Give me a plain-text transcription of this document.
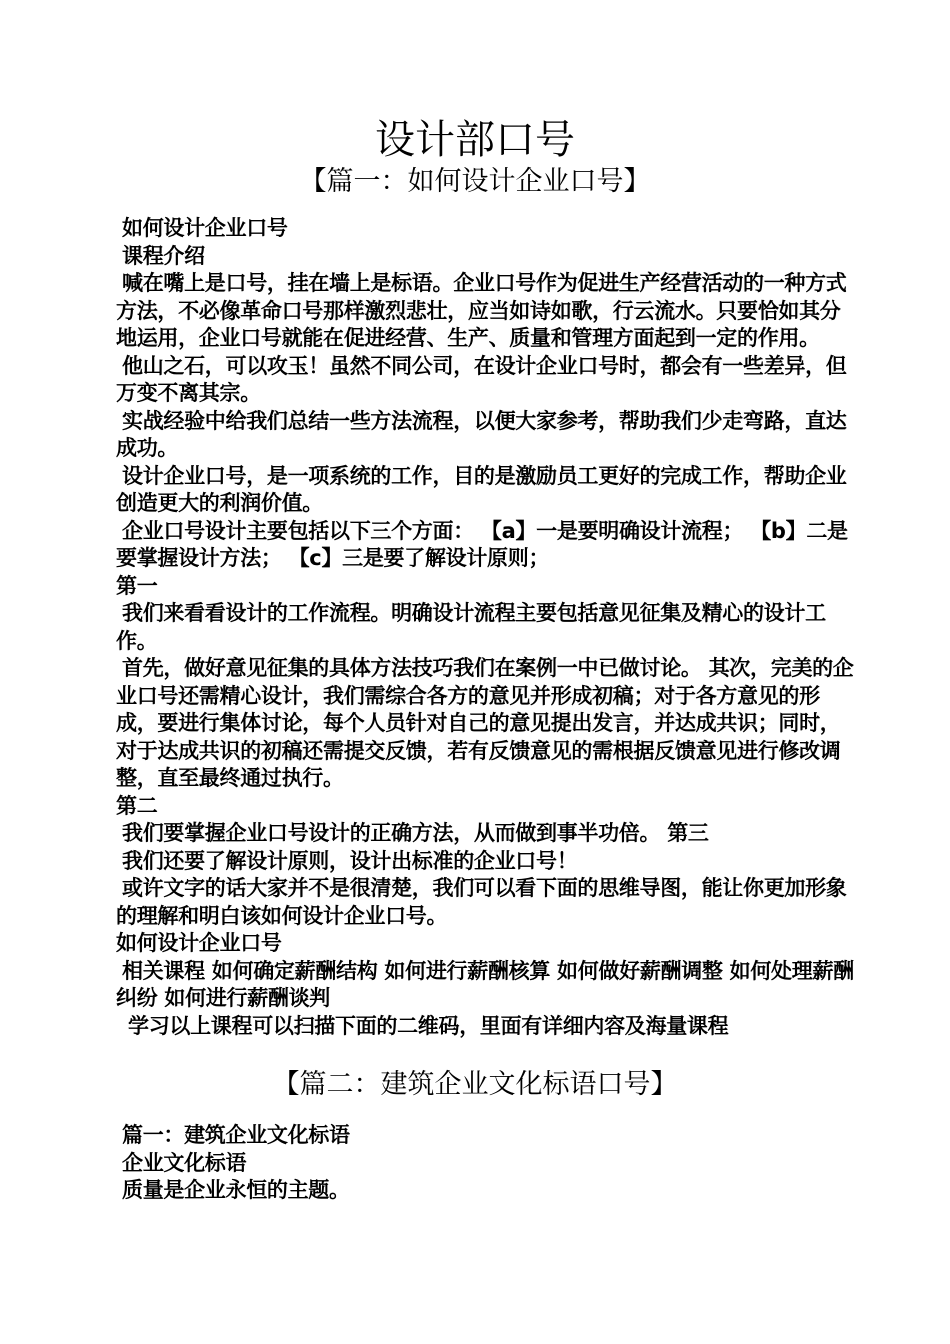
设计部口号
【篇一：如何设计企业口号】

如何设计企业口号

课程介绍

喊在嘴上是口号，挂在墙上是标语。企业口号作为促进生产经营活动的一种方式方法，不必像革命口号那样激烈悲壮，应当如诗如歌，行云流水。只要恰如其分地运用，企业口号就能在促进经营、生产、质量和管理方面起到一定的作用。

他山之石，可以攻玉！虽然不同公司，在设计企业口号时，都会有一些差异，但万变不离其宗。

实战经验中给我们总结一些方法流程，以便大家参考，帮助我们少走弯路，直达成功。

设计企业口号，是一项系统的工作，目的是激励员工更好的完成工作，帮助企业创造更大的利润价值。

企业口号设计主要包括以下三个方面： 【a】一是要明确设计流程； 【b】二是要掌握设计方法； 【c】三是要了解设计原则；

第一

我们来看看设计的工作流程。明确设计流程主要包括意见征集及精心的设计工作。

首先，做好意见征集的具体方法技巧我们在案例一中已做讨论。 其次，完美的企业口号还需精心设计，我们需综合各方的意见并形成初稿；对于各方意见的形成，要进行集体讨论，每个人员针对自己的意见提出发言，并达成共识；同时，对于达成共识的初稿还需提交反馈，若有反馈意见的需根据反馈意见进行修改调整，直至最终通过执行。

第二

我们要掌握企业口号设计的正确方法，从而做到事半功倍。 第三

我们还要了解设计原则，设计出标准的企业口号！

或许文字的话大家并不是很清楚，我们可以看下面的思维导图，能让你更加形象的理解和明白该如何设计企业口号。

如何设计企业口号

相关课程 如何确定薪酬结构 如何进行薪酬核算 如何做好薪酬调整 如何处理薪酬纠纷 如何进行薪酬谈判

学习以上课程可以扫描下面的二维码，里面有详细内容及海量课程

【篇二：建筑企业文化标语口号】

篇一：建筑企业文化标语

企业文化标语

质量是企业永恒的主题。
